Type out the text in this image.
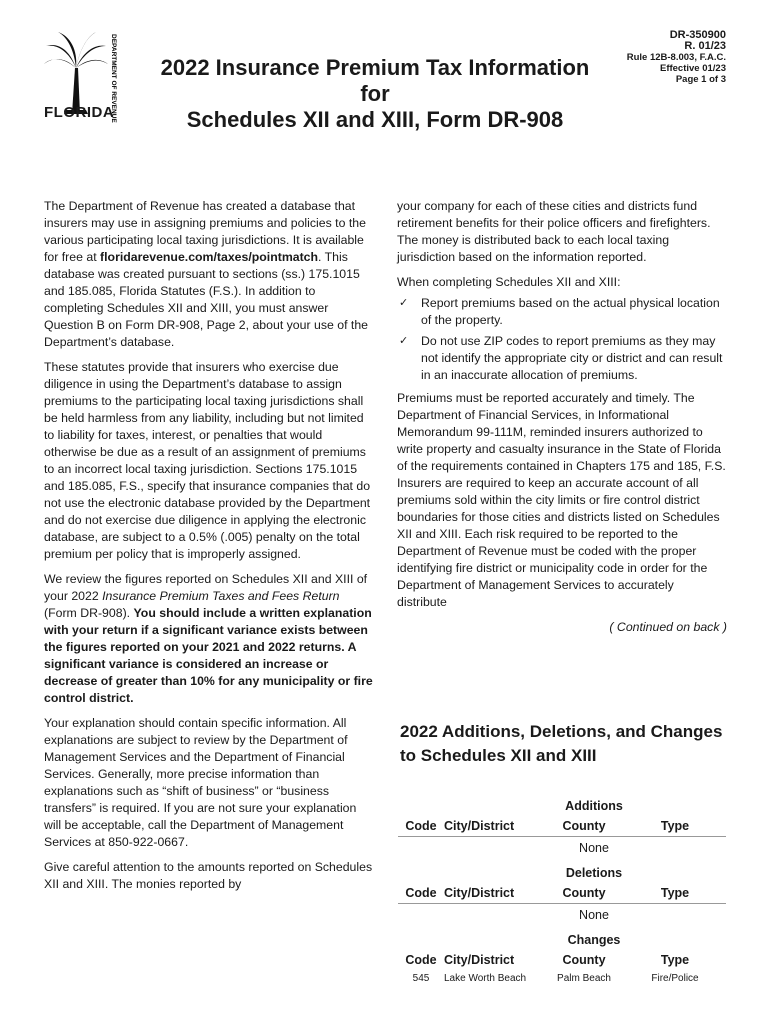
DEPARTMENT OF REVENUE
FLORIDA
2022 Insurance Premium Tax Information
for
Schedules XII and XIII, Form DR-908
DR-350900
R. 01/23
Rule 12B-8.003, F.A.C.
Effective 01/23
Page 1 of 3

The Department of Revenue has created a database that insurers may use in assigning premiums and policies to the various participating local taxing jurisdictions. It is available for free at floridarevenue.com/taxes/pointmatch. This database was created pursuant to sections (ss.) 175.1015 and 185.085, Florida Statutes (F.S.). In addition to completing Schedules XII and XIII, you must answer Question B on Form DR-908, Page 2, about your use of the Department’s database.

These statutes provide that insurers who exercise due diligence in using the Department’s database to assign premiums to the participating local taxing jurisdictions shall be held harmless from any liability, including but not limited to liability for taxes, interest, or penalties that would otherwise be due as a result of an assignment of premiums to an incorrect local taxing jurisdiction. Sections 175.1015 and 185.085, F.S., specify that insurance companies that do not use the electronic database provided by the Department and do not exercise due diligence in applying the electronic database, are subject to a 0.5% (.005) penalty on the total premium per policy that is improperly assigned.

We review the figures reported on Schedules XII and XIII of your 2022 Insurance Premium Taxes and Fees Return (Form DR-908). You should include a written explanation with your return if a significant variance exists between the figures reported on your 2021 and 2022 returns. A significant variance is considered an increase or decrease of greater than 10% for any municipality or fire control district.

Your explanation should contain specific information. All explanations are subject to review by the Department of Management Services and the Department of Financial Services. Generally, more precise information than explanations such as “shift of business” or “business transfers” is required. If you are not sure your explanation will be acceptable, call the Department of Management Services at 850-922-0667.

Give careful attention to the amounts reported on Schedules XII and XIII. The monies reported by

your company for each of these cities and districts fund retirement benefits for their police officers and firefighters. The money is distributed back to each local taxing jurisdiction based on the information reported.

When completing Schedules XII and XIII:

✓ Report premiums based on the actual physical location of the property.
✓ Do not use ZIP codes to report premiums as they may not identify the appropriate city or district and can result in an inaccurate allocation of premiums.

Premiums must be reported accurately and timely. The Department of Financial Services, in Informational Memorandum 99-111M, reminded insurers authorized to write property and casualty insurance in the State of Florida of the requirements contained in Chapters 175 and 185, F.S. Insurers are required to keep an accurate account of all premiums sold within the city limits or fire control district boundaries for those cities and districts listed on Schedules XII and XIII. Each risk required to be reported to the Department of Revenue must be coded with the proper identifying fire district or municipality code in order for the Department of Management Services to accurately distribute

( Continued on back )
2022 Additions, Deletions, and Changes to Schedules XII and XIII
Additions
Code City/District	County	Type
None
Deletions
Code City/District	County	Type
None
Changes
Code City/District	County	Type
545	Lake Worth Beach	Palm Beach	Fire/Police
